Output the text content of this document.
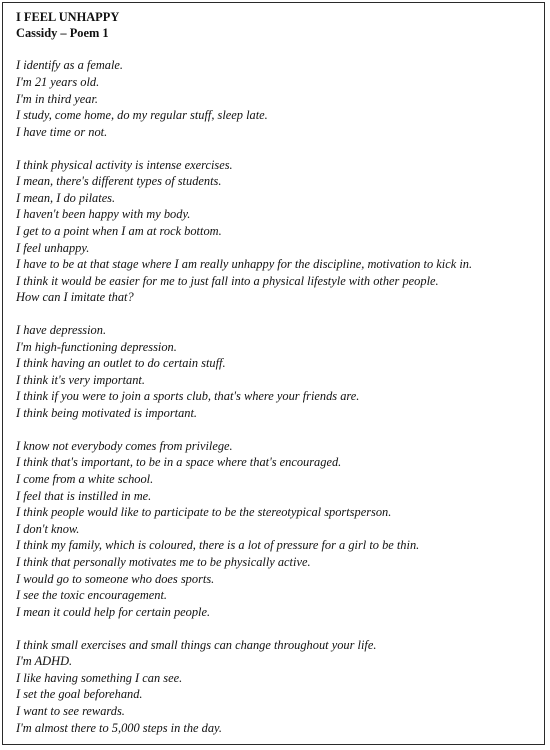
I FEEL UNHAPPY
Cassidy – Poem 1
I identify as a female.
I'm 21 years old.
I'm in third year.
I study, come home, do my regular stuff, sleep late.
I have time or not.
I think physical activity is intense exercises.
I mean, there's different types of students.
I mean, I do pilates.
I haven't been happy with my body.
I get to a point when I am at rock bottom.
I feel unhappy.
I have to be at that stage where I am really unhappy for the discipline, motivation to kick in.
I think it would be easier for me to just fall into a physical lifestyle with other people.
How can I imitate that?
I have depression.
I'm high-functioning depression.
I think having an outlet to do certain stuff.
I think it's very important.
I think if you were to join a sports club, that's where your friends are.
I think being motivated is important.
I know not everybody comes from privilege.
I think that's important, to be in a space where that's encouraged.
I come from a white school.
I feel that is instilled in me.
I think people would like to participate to be the stereotypical sportsperson.
I don't know.
I think my family, which is coloured, there is a lot of pressure for a girl to be thin.
I think that personally motivates me to be physically active.
I would go to someone who does sports.
I see the toxic encouragement.
I mean it could help for certain people.
I think small exercises and small things can change throughout your life.
I'm ADHD.
I like having something I can see.
I set the goal beforehand.
I want to see rewards.
I'm almost there to 5,000 steps in the day.
